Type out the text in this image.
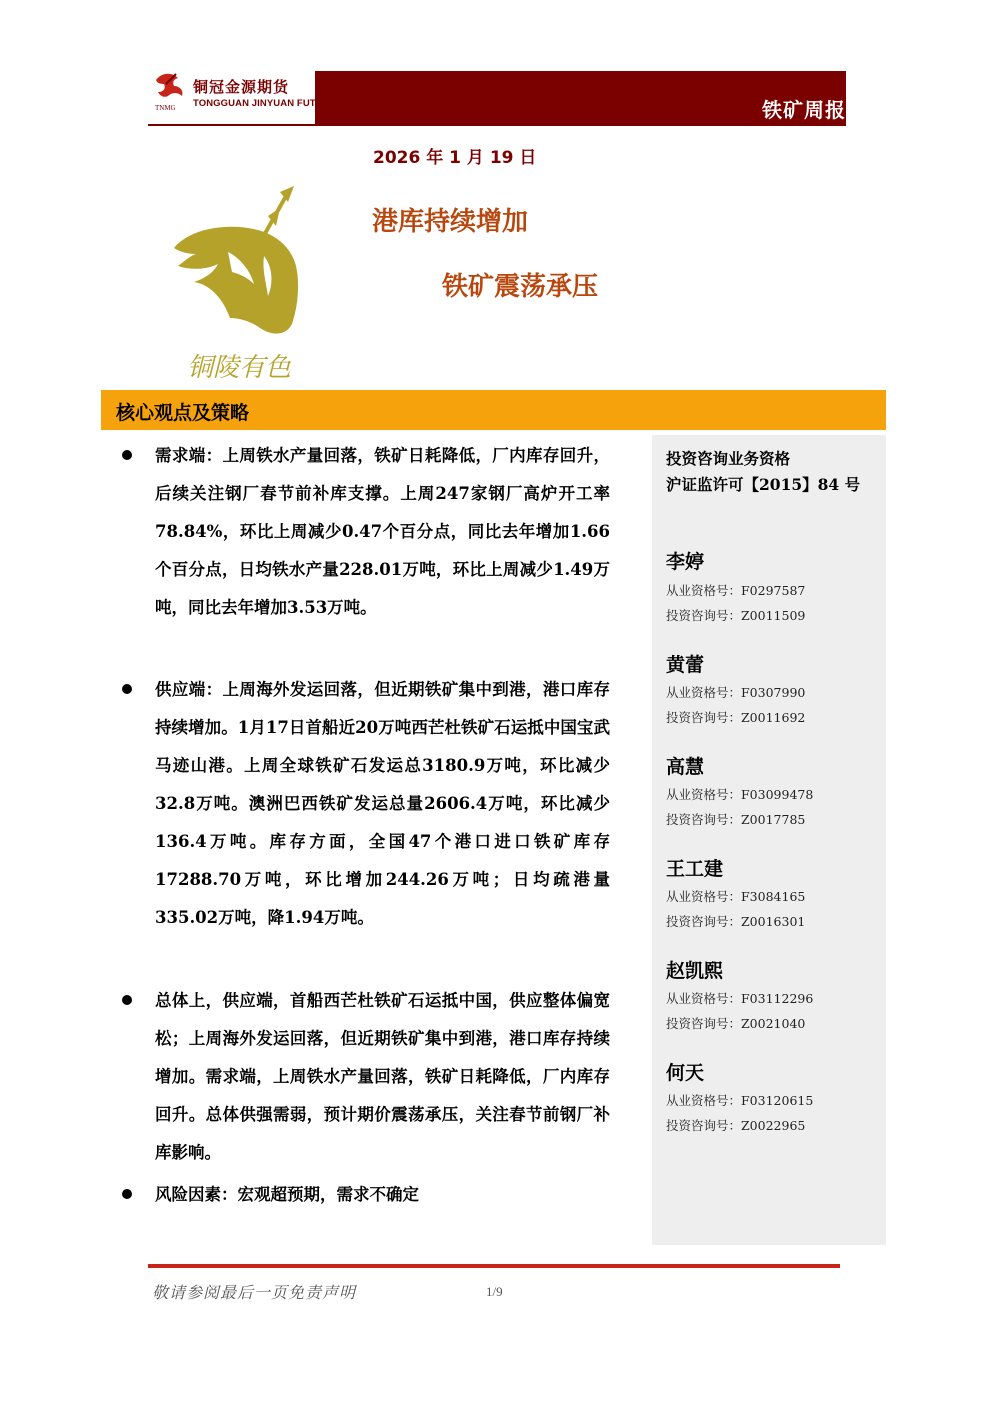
铁矿周报
铜冠金源期货
TONGGUAN JINYUAN FUTURES
TNMG
2026 年 1 月 19 日
铜陵有色
港库持续增加
铁矿震荡承压
核心观点及策略
需求端：上周铁水产量回落，铁矿日耗降低，厂内库存回升，后续关注钢厂春节前补库支撑。上周247家钢厂高炉开工率78.84%，环比上周减少0.47个百分点，同比去年增加1.66个百分点，日均铁水产量228.01万吨，环比上周减少1.49万吨，同比去年增加3.53万吨。
供应端：上周海外发运回落，但近期铁矿集中到港，港口库存持续增加。1月17日首船近20万吨西芒杜铁矿石运抵中国宝武马迹山港。上周全球铁矿石发运总3180.9万吨，环比减少32.8万吨。澳洲巴西铁矿发运总量2606.4万吨，环比减少136.4万吨。库存方面，全国47个港口进口铁矿库存17288.70万吨，环比增加244.26万吨；日均疏港量335.02万吨，降1.94万吨。
总体上，供应端，首船西芒杜铁矿石运抵中国，供应整体偏宽松；上周海外发运回落，但近期铁矿集中到港，港口库存持续增加。需求端，上周铁水产量回落，铁矿日耗降低，厂内库存回升。总体供强需弱，预计期价震荡承压，关注春节前钢厂补库影响。
风险因素：宏观超预期，需求不确定
投资咨询业务资格
沪证监许可【2015】84 号
李婷
从业资格号：F0297587
投资咨询号：Z0011509
黄蕾
从业资格号：F0307990
投资咨询号：Z0011692
高慧
从业资格号：F03099478
投资咨询号：Z0017785
王工建
从业资格号：F3084165
投资咨询号：Z0016301
赵凯熙
从业资格号：F03112296
投资咨询号：Z0021040
何天
从业资格号：F03120615
投资咨询号：Z0022965
敬请参阅最后一页免责声明	1/9
